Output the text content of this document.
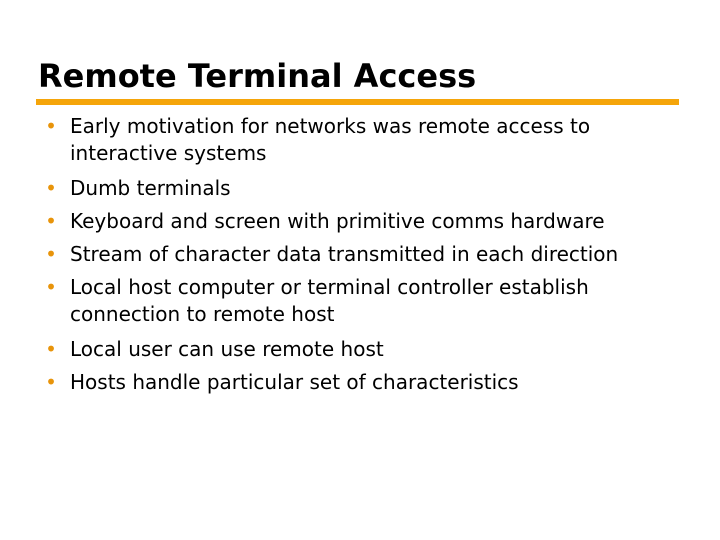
Remote Terminal Access
• Early motivation for networks was remote access to interactive systems
• Dumb terminals
• Keyboard and screen with primitive comms hardware
• Stream of character data transmitted in each direction
• Local host computer or terminal controller establish connection to remote host
• Local user can use remote host
• Hosts handle particular set of characteristics
